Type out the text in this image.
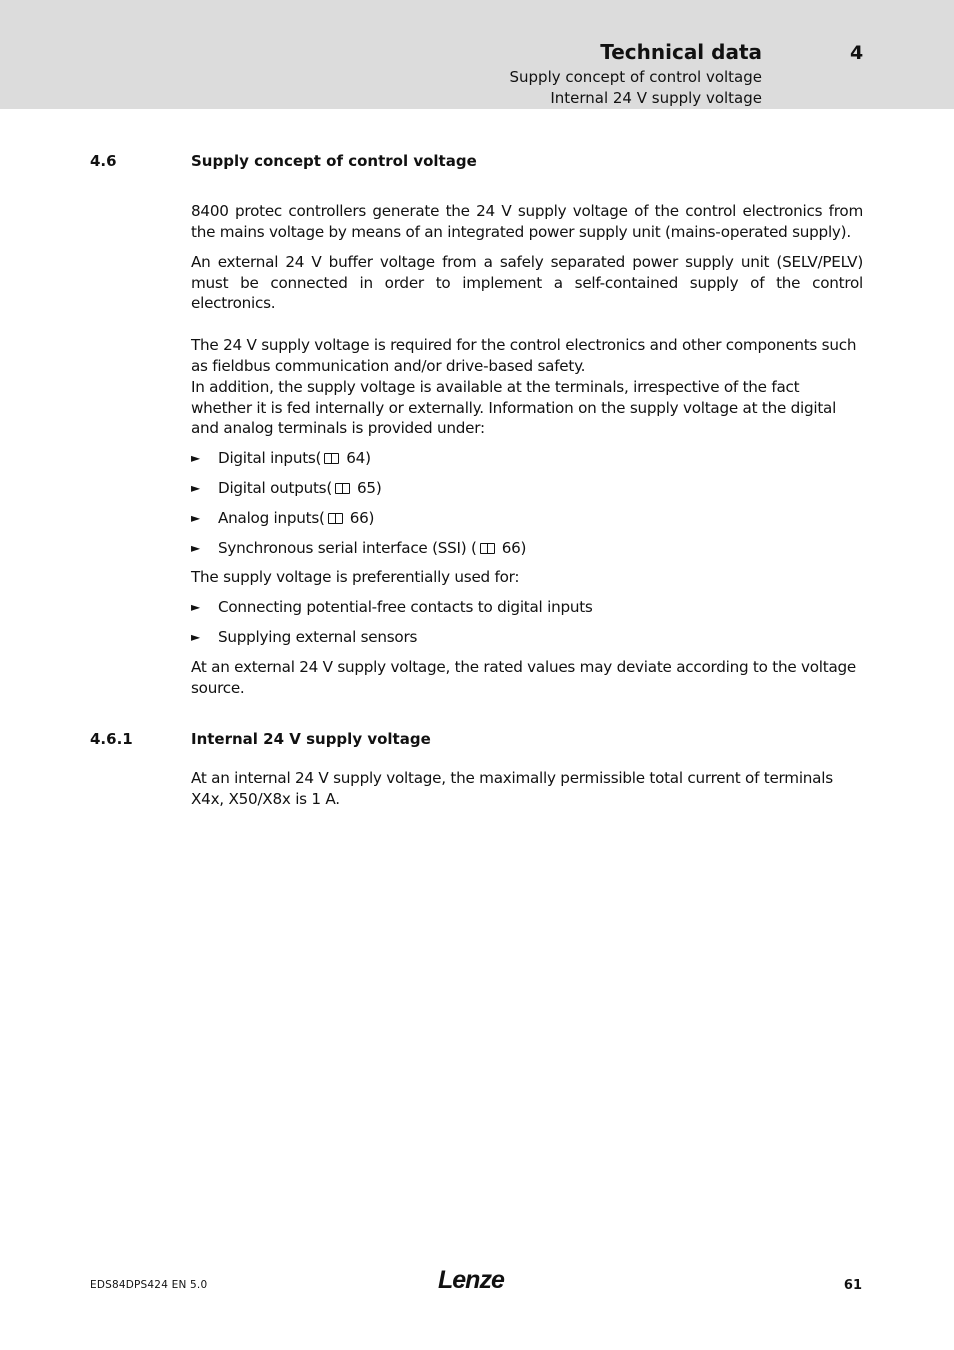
Technical data	4
Supply concept of control voltage
Internal 24 V supply voltage
4.6	Supply concept of control voltage

8400 protec controllers generate the 24 V supply voltage of the control electronics from the mains voltage by means of an integrated power supply unit (mains-operated supply).

An external 24 V buffer voltage from a safely separated power supply unit (SELV/PELV) must be connected in order to implement a self-contained supply of the control electronics.

The 24 V supply voltage is required for the control electronics and other components such as fieldbus communication and/or drive-based safety.

In addition, the supply voltage is available at the terminals, irrespective of the fact whether it is fed internally or externally. Information on the supply voltage at the digital and analog terminals is provided under:

► Digital inputs( 64)
► Digital outputs( 65)
► Analog inputs( 66)
► Synchronous serial interface (SSI) ( 66)

The supply voltage is preferentially used for:

► Connecting potential-free contacts to digital inputs
► Supplying external sensors

At an external 24 V supply voltage, the rated values may deviate according to the voltage source.

4.6.1	Internal 24 V supply voltage

At an internal 24 V supply voltage, the maximally permissible total current of terminals X4x, X50/X8x is 1 A.

EDS84DPS424 EN 5.0	Lenze	61
